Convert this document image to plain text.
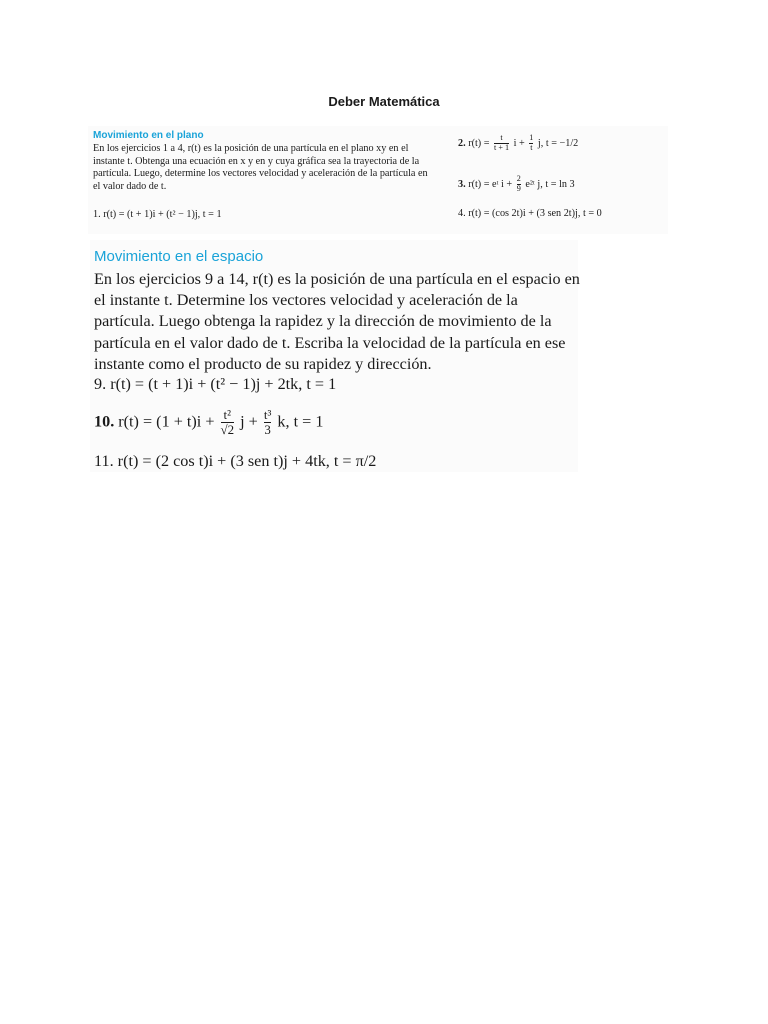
Deber Matemática
Movimiento en el plano
En los ejercicios 1 a 4, r(t) es la posición de una partícula en el plano xy en el instante t. Obtenga una ecuación en x y en y cuya gráfica sea la trayectoria de la partícula. Luego, determine los vectores velocidad y aceleración de la partícula en el valor dado de t.
1. r(t) = (t + 1)i + (t² − 1)j, t = 1
2. $r(t) = \frac{t}{t + 1}$ $i + \frac{1}{t} j$, t = −1/2
3. r(t) = eᵗ $i + \frac{2}{9}$ e²ᵗ j, t = ln 3
4. r(t) = (cos 2t)i + (3 sen 2t)j, t = 0
Movimiento en el espacio
En los ejercicios 9 a 14, r(t) es la posición de una partícula en el espacio en el instante t. Determine los vectores velocidad y aceleración de la partícula. Luego obtenga la rapidez y la dirección de movimiento de la partícula en el valor dado de t. Escriba la velocidad de la partícula en ese instante como el producto de su rapidez y dirección.
9. r(t) = (t + 1)i + (t² − 1)j + 2tk, t = 1
10. $r(t) = (1 + t)i + \frac{\text{t²}}{√2}$ $j + \frac{\text{t³}}{3} k$, t = 1
11. r(t) = (2 cos t)i + (3 sen t)j + 4tk, t = π/2
